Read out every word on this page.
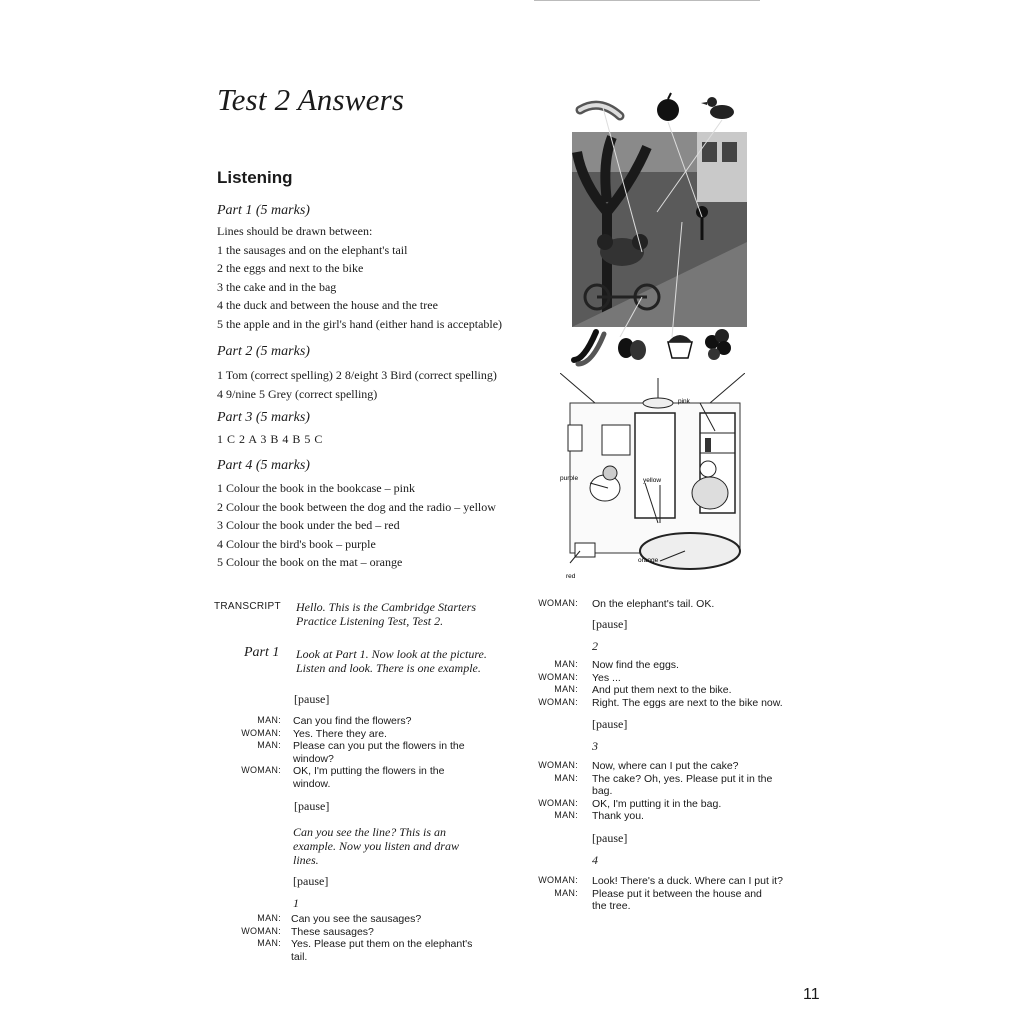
Test 2 Answers
Listening
Part 1 (5 marks)
Lines should be drawn between:
1 the sausages and on the elephant's tail
2 the eggs and next to the bike
3 the cake and in the bag
4 the duck and between the house and the tree
5 the apple and in the girl's hand (either hand is acceptable)
Part 2 (5 marks)
1 Tom (correct spelling) 2 8/eight 3 Bird (correct spelling)
4 9/nine 5 Grey (correct spelling)
Part 3 (5 marks)
1 C 2 A 3 B 4 B 5 C
Part 4 (5 marks)
1 Colour the book in the bookcase – pink
2 Colour the book between the dog and the radio – yellow
3 Colour the book under the bed – red
4 Colour the bird's book – purple
5 Colour the book on the mat – orange
pink
purple	yellow
orange
red
TRANSCRIPT Hello. This is the Cambridge Starters Practice Listening Test, Test 2.
Part 1 Look at Part 1. Now look at the picture. Listen and look. There is one example.
[pause]
MAN: Can you find the flowers?
WOMAN: Yes. There they are.
MAN: Please can you put the flowers in the window?
WOMAN: OK, I'm putting the flowers in the window.
[pause]
Can you see the line? This is an example. Now you listen and draw lines.
[pause]
1
MAN: Can you see the sausages?
WOMAN: These sausages?
MAN: Yes. Please put them on the elephant's tail.
WOMAN: On the elephant's tail. OK.
[pause]
2
MAN: Now find the eggs.
WOMAN: Yes ...
MAN: And put them next to the bike.
WOMAN: Right. The eggs are next to the bike now.
[pause]
3
WOMAN: Now, where can I put the cake?
MAN: The cake? Oh, yes. Please put it in the bag.
WOMAN: OK, I'm putting it in the bag.
MAN: Thank you.
[pause]
4
WOMAN: Look! There's a duck. Where can I put it?
MAN: Please put it between the house and the tree.
11
